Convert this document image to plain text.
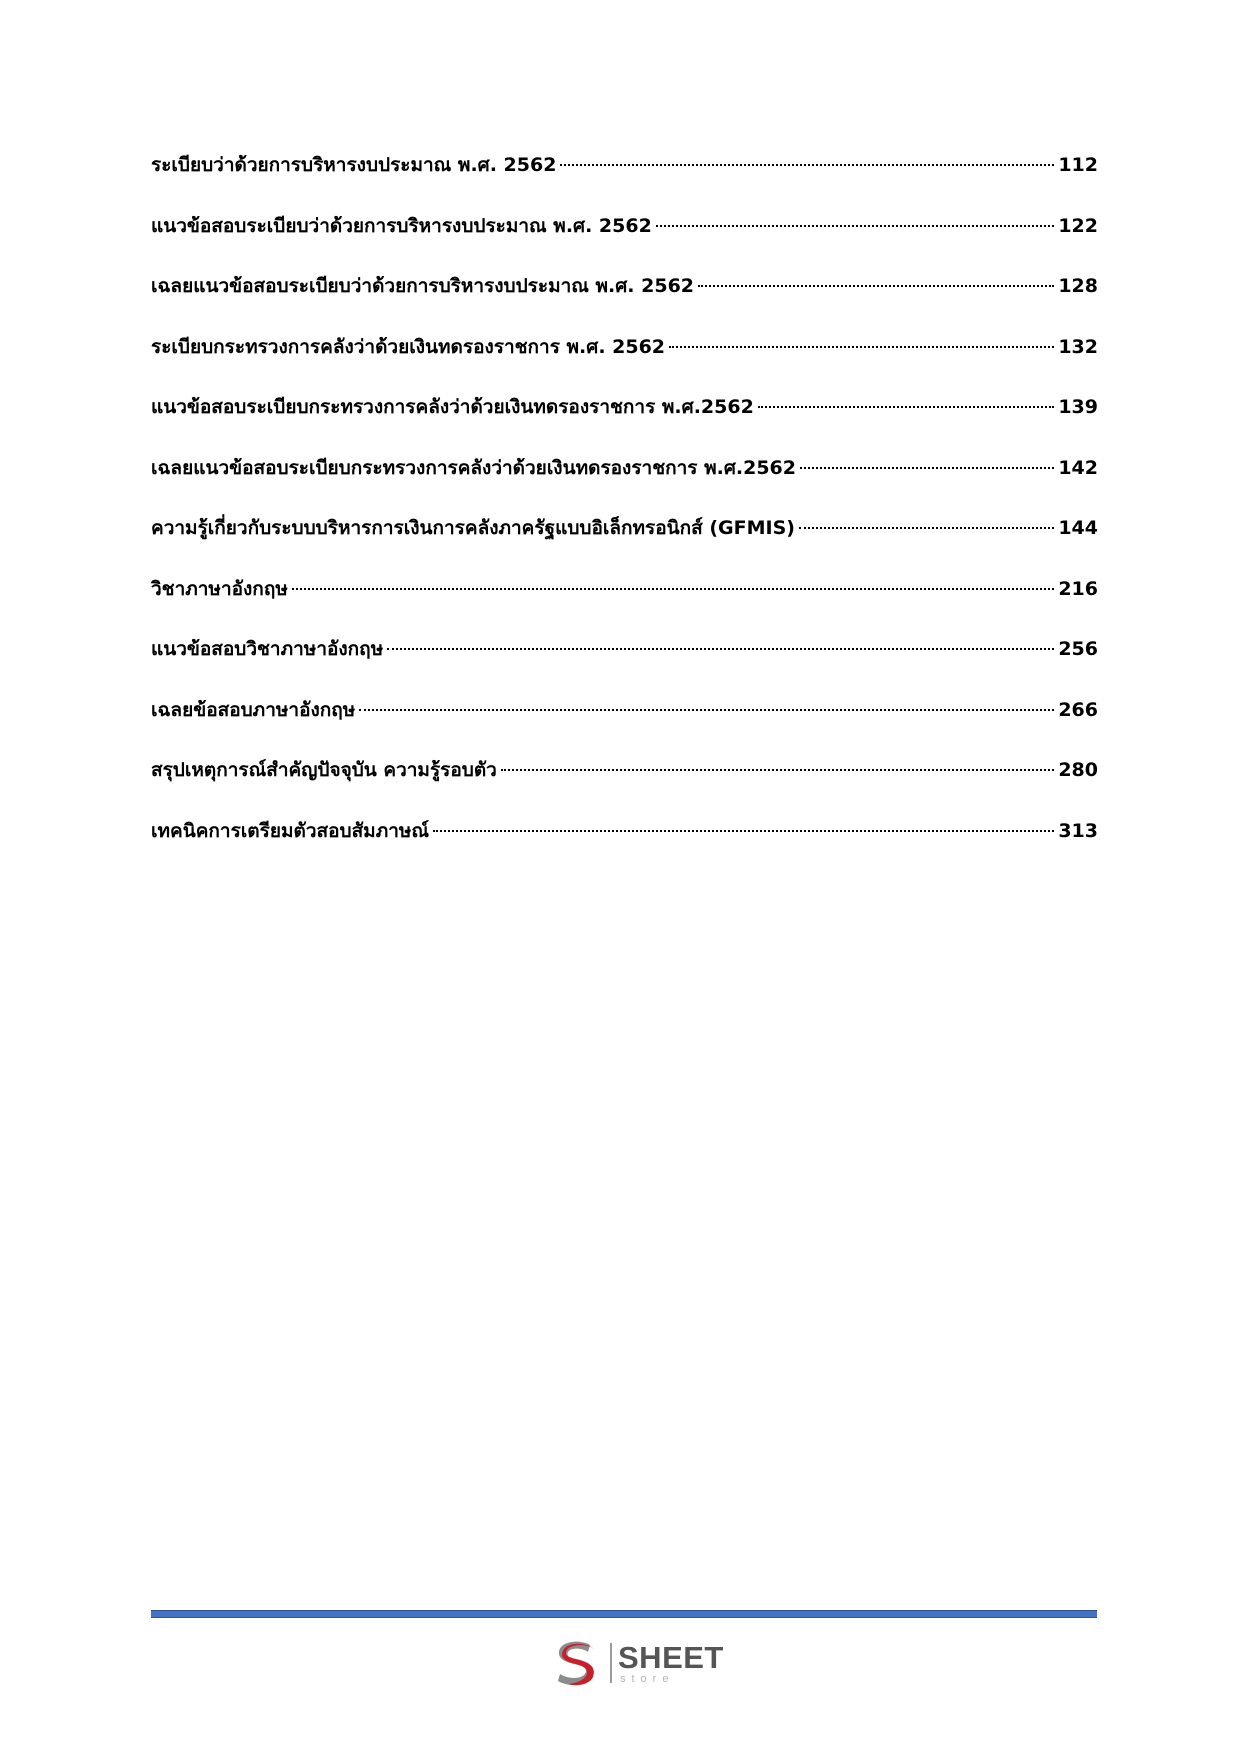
ระเบียบว่าด้วยการบริหารงบประมาณ พ.ศ. 2562	112
แนวข้อสอบระเบียบว่าด้วยการบริหารงบประมาณ พ.ศ. 2562	122
เฉลยแนวข้อสอบระเบียบว่าด้วยการบริหารงบประมาณ พ.ศ. 2562	128
ระเบียบกระทรวงการคลังว่าด้วยเงินทดรองราชการ พ.ศ. 2562	132
แนวข้อสอบระเบียบกระทรวงการคลังว่าด้วยเงินทดรองราชการ พ.ศ.2562	139
เฉลยแนวข้อสอบระเบียบกระทรวงการคลังว่าด้วยเงินทดรองราชการ พ.ศ.2562	142
ความรู้เกี่ยวกับระบบบริหารการเงินการคลังภาครัฐแบบอิเล็กทรอนิกส์ (GFMIS)	144
วิชาภาษาอังกฤษ	216
แนวข้อสอบวิชาภาษาอังกฤษ	256
เฉลยข้อสอบภาษาอังกฤษ	266
สรุปเหตุการณ์สำคัญปัจจุบัน ความรู้รอบตัว	280
เทคนิคการเตรียมตัวสอบสัมภาษณ์	313
SHEET
store
